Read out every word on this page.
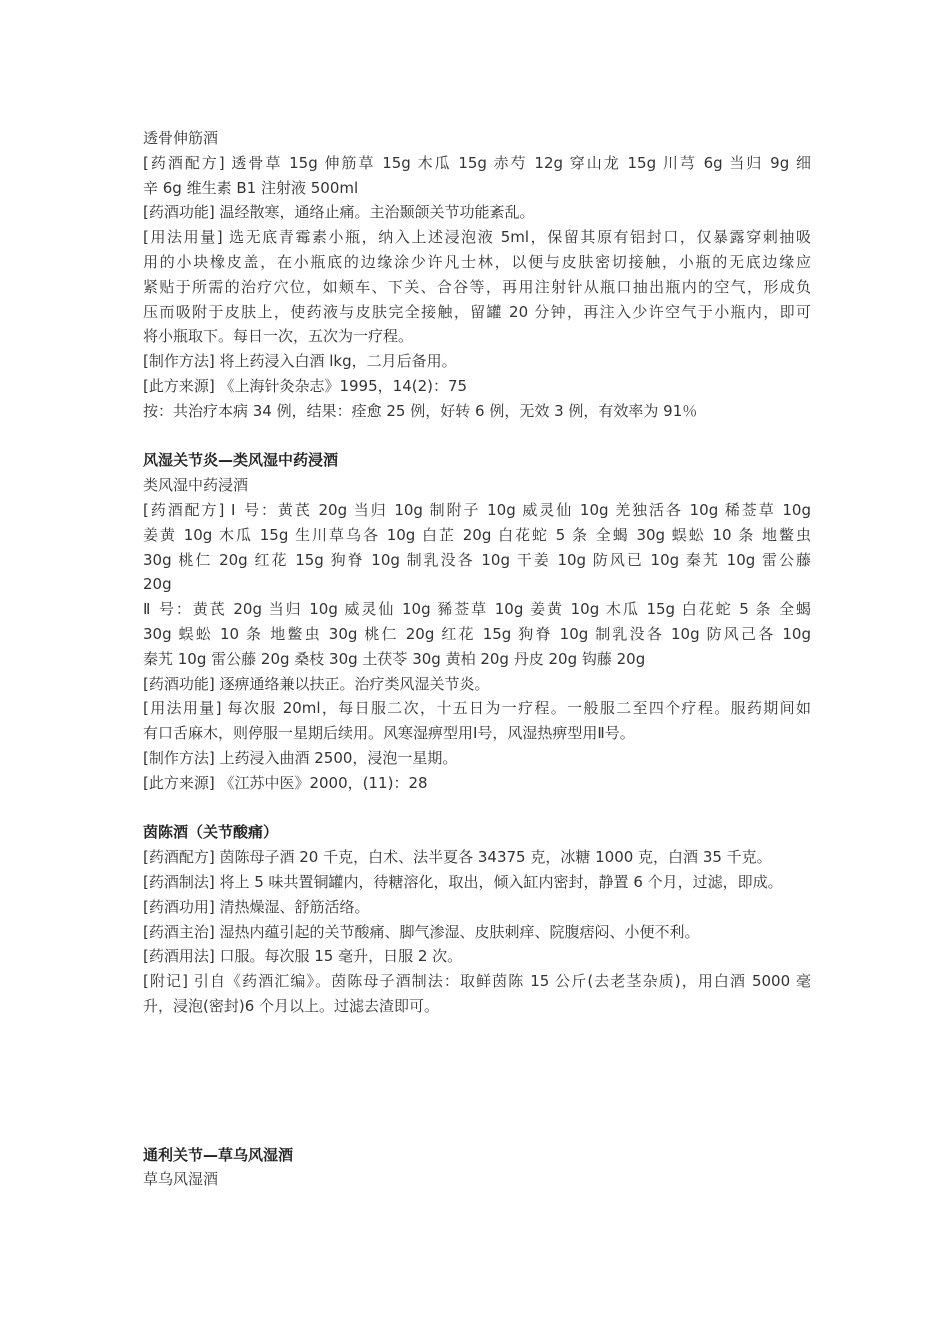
透骨伸筋酒
[药酒配方] 透骨草 15g 伸筋草 15g 木瓜 15g 赤芍 12g 穿山龙 15g 川芎 6g 当归 9g 细
辛 6g 维生素 B1 注射液 500ml
[药酒功能] 温经散寒，通络止痛。主治颞颌关节功能紊乱。
[用法用量] 选无底青霉素小瓶，纳入上述浸泡液 5ml，保留其原有铝封口，仅暴露穿刺抽吸
用的小块橡皮盖，在小瓶底的边缘涂少许凡士林，以便与皮肤密切接触，小瓶的无底边缘应
紧贴于所需的治疗穴位，如颊车、下关、合谷等，再用注射针从瓶口抽出瓶内的空气，形成负
压而吸附于皮肤上，使药液与皮肤完全接触，留罐 20 分钟，再注入少许空气于小瓶内，即可
将小瓶取下。每日一次，五次为一疗程。
[制作方法] 将上药浸入白酒 lkg，二月后备用。
[此方来源] 《上海针灸杂志》1995，14(2)：75
按：共治疗本病 34 例，结果：痊愈 25 例，好转 6 例，无效 3 例，有效率为 91％
风湿关节炎—类风湿中药浸酒
类风湿中药浸酒
[药酒配方] Ⅰ 号：黄芪 20g 当归 10g 制附子 10g 威灵仙 10g 羌独活各 10g 稀莶草 10g
姜黄 10g 木瓜 15g 生川草乌各 10g 白芷 20g 白花蛇 5 条 全蝎 30g 蜈蚣 10 条 地鳖虫
30g 桃仁 20g 红花 15g 狗脊 10g 制乳没各 10g 干姜 10g 防风已 10g 秦艽 10g 雷公藤
20g
Ⅱ 号：黄芪 20g 当归 10g 威灵仙 10g 豨莶草 10g 姜黄 10g 木瓜 15g 白花蛇 5 条 全蝎
30g 蜈蚣 10 条 地鳖虫 30g 桃仁 20g 红花 15g 狗脊 10g 制乳没各 10g 防风己各 10g
秦艽 10g 雷公藤 20g 桑枝 30g 土茯苓 30g 黄柏 20g 丹皮 20g 钩藤 20g
[药酒功能] 逐痹通络兼以扶正。治疗类风湿关节炎。
[用法用量] 每次服 20ml，每日服二次，十五日为一疗程。一般服二至四个疗程。服药期间如
有口舌麻木，则停服一星期后续用。风寒湿痹型用Ⅰ号，风湿热痹型用Ⅱ号。
[制作方法] 上药浸入曲酒 2500，浸泡一星期。
[此方来源] 《江苏中医》2000，(11)：28
茵陈酒（关节酸痛）
[药酒配方] 茵陈母子酒 20 千克，白术、法半夏各 34375 克，冰糖 1000 克，白酒 35 千克。
[药酒制法] 将上 5 味共置铜罐内，待糖溶化，取出，倾入缸内密封，静置 6 个月，过滤，即成。
[药酒功用] 清热燥湿、舒筋活络。
[药酒主治] 湿热内蕴引起的关节酸痛、脚气渗湿、皮肤刺痒、院腹痞闷、小便不利。
[药酒用法] 口服。每次服 15 毫升，日服 2 次。
[附记] 引自《药酒汇编》。茵陈母子酒制法：取鲜茵陈 15 公斤(去老茎杂质)，用白酒 5000 毫
升，浸泡(密封)6 个月以上。过滤去渣即可。
通利关节—草乌风湿酒
草乌风湿酒
